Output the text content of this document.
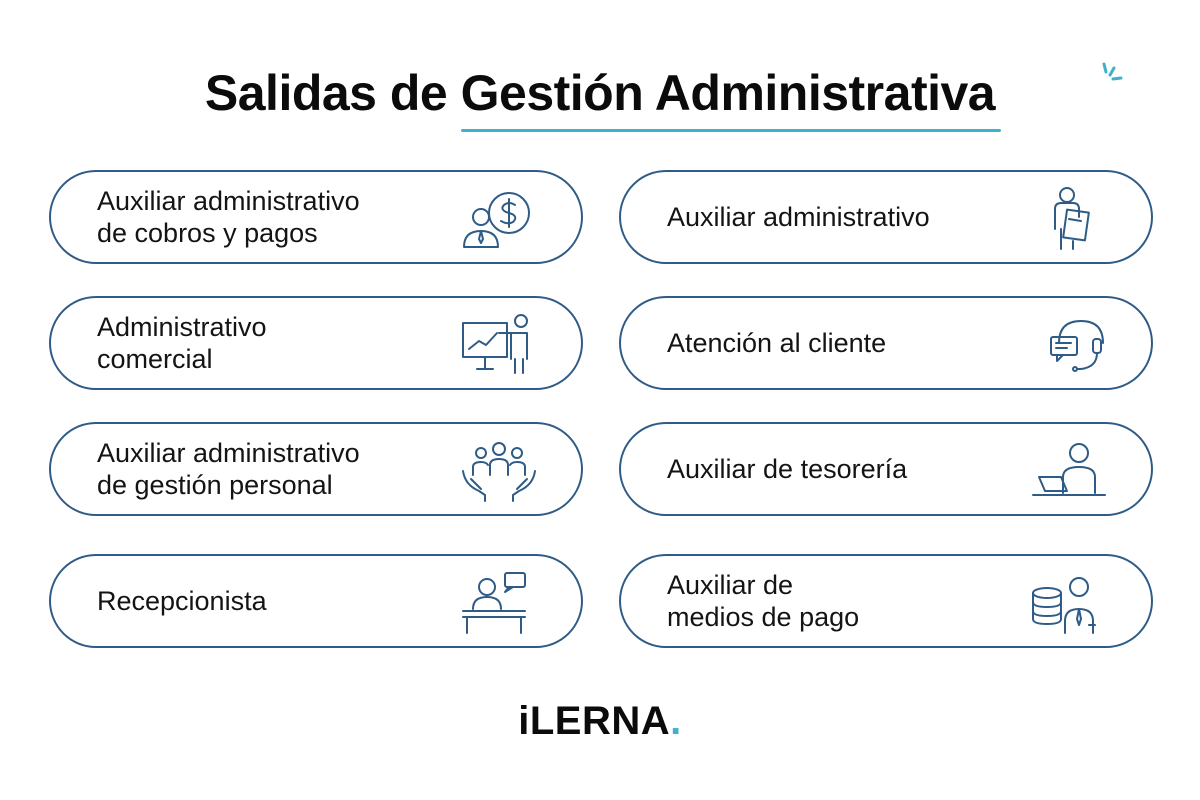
Salidas de Gestión Administrativa
Auxiliar administrativo
de cobros y pagos
Auxiliar administrativo
Administrativo
comercial
Atención al cliente
Auxiliar administrativo
de gestión personal
Auxiliar de tesorería
Recepcionista
Auxiliar de
medios de pago
iLERNA.
